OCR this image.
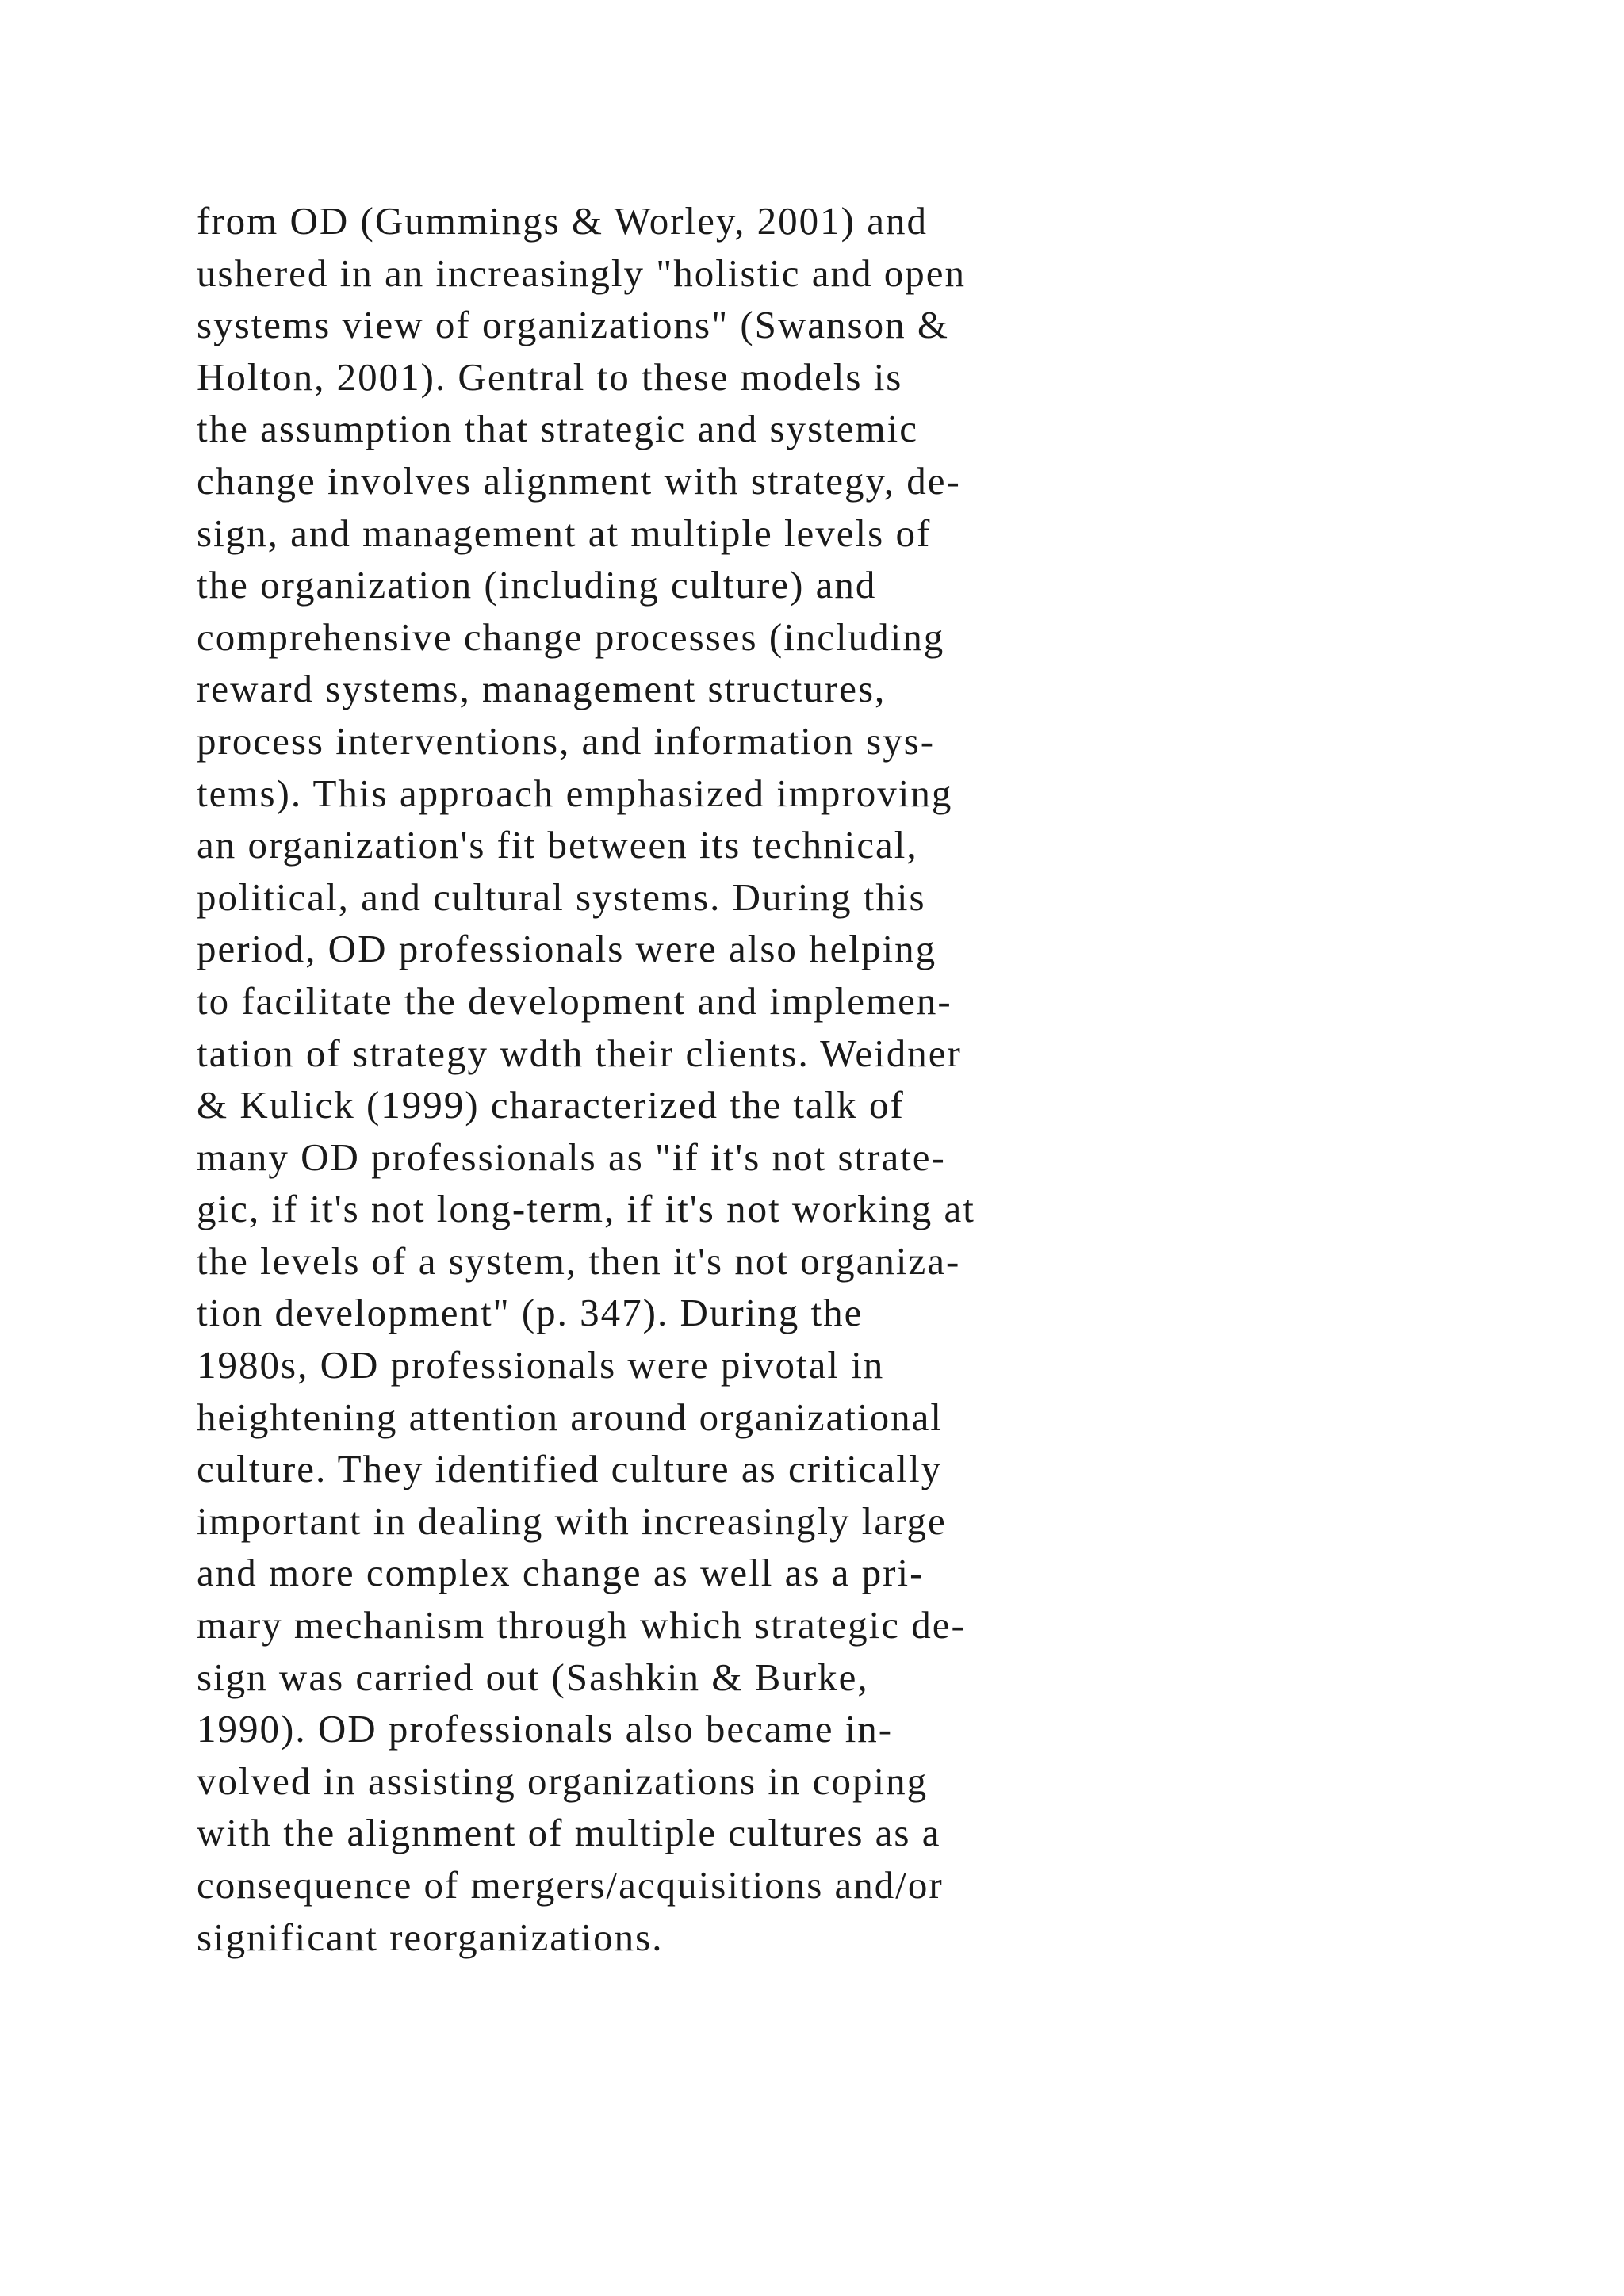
from OD (Gummings & Worley, 2001) and
ushered in an increasingly "holistic and open
systems view of organizations" (Swanson &
Holton, 2001). Gentral to these models is
the assumption that strategic and systemic
change involves alignment with strategy, de-
sign, and management at multiple levels of
the organization (including culture) and
comprehensive change processes (including
reward systems, management structures,
process interventions, and information sys-
tems). This approach emphasized improving
an organization's fit between its technical,
political, and cultural systems. During this
period, OD professionals were also helping
to facilitate the development and implemen-
tation of strategy wdth their clients. Weidner
& Kulick (1999) characterized the talk of
many OD professionals as "if it's not strate-
gic, if it's not long-term, if it's not working at
the levels of a system, then it's not organiza-
tion development" (p. 347). During the
1980s, OD professionals were pivotal in
heightening attention around organizational
culture. They identified culture as critically
important in dealing with increasingly large
and more complex change as well as a pri-
mary mechanism through which strategic de-
sign was carried out (Sashkin & Burke,
1990). OD professionals also became in-
volved in assisting organizations in coping
with the alignment of multiple cultures as a
consequence of mergers/acquisitions and/or
significant reorganizations.
